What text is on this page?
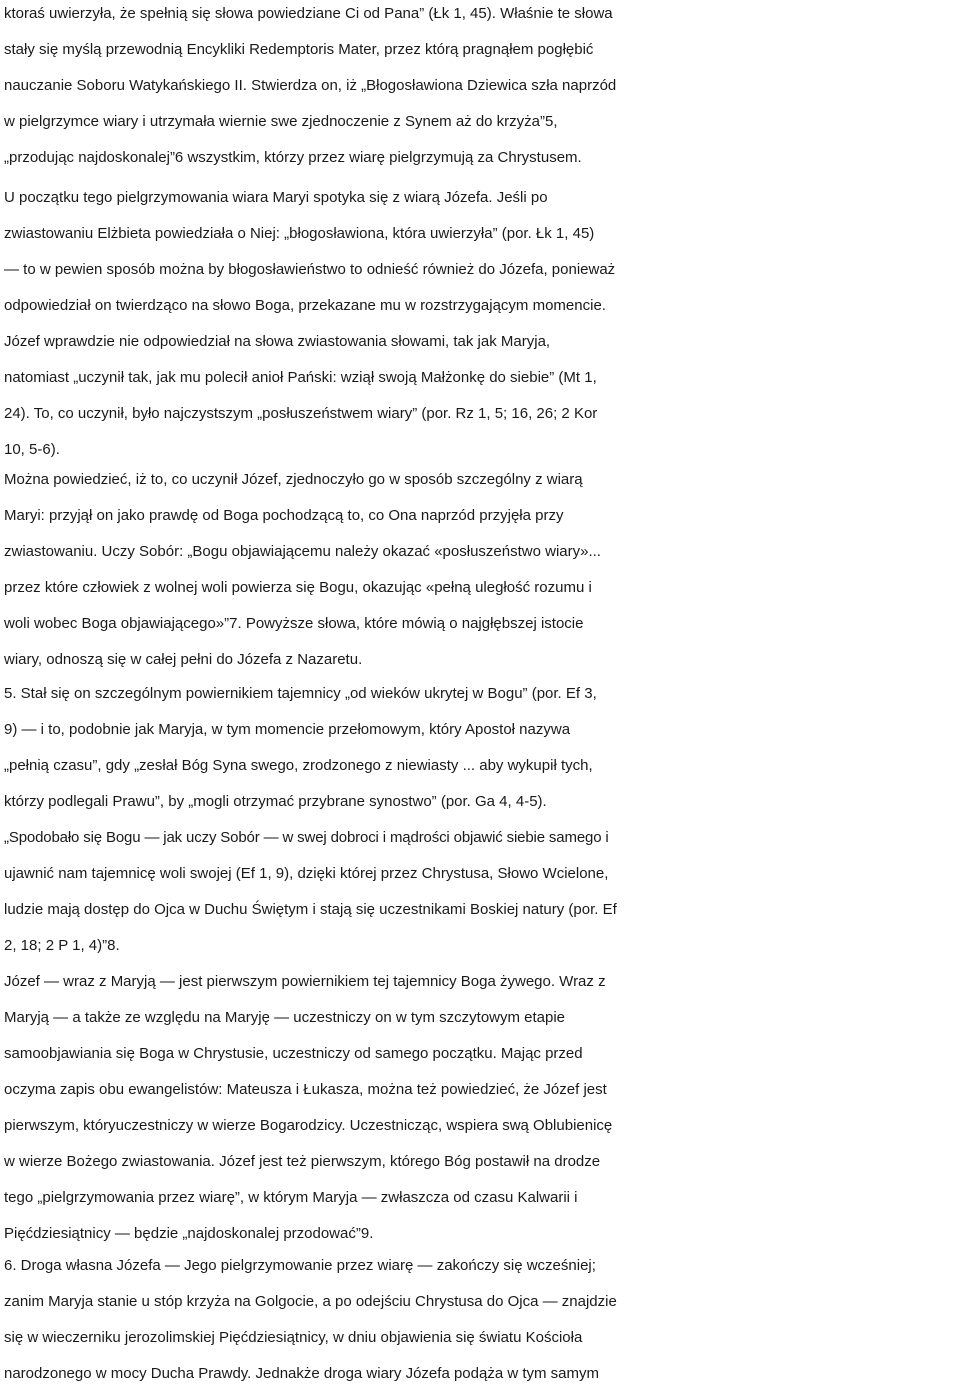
ktoraś uwierzyła, że spełnią się słowa powiedziane Ci od Pana” (Łk 1, 45). Właśnie te słowa
stały się myślą przewodnią Encykliki Redemptoris Mater, przez którą pragnąłem pogłębić
nauczanie Soboru Watykańskiego II. Stwierdza on, iż „Błogosławiona Dziewica szła naprzód
w pielgrzymce wiary i utrzymała wiernie swe zjednoczenie z Synem aż do krzyża”5,
„przodując najdoskonalej”6 wszystkim, którzy przez wiarę pielgrzymują za Chrystusem.
U początku tego pielgrzymowania wiara Maryi spotyka się z wiarą Józefa. Jeśli po
zwiastowaniu Elżbieta powiedziała o Niej: „błogosławiona, która uwierzyła” (por. Łk 1, 45)
— to w pewien sposób można by błogosławieństwo to odnieść również do Józefa, ponieważ
odpowiedział on twierdząco na słowo Boga, przekazane mu w rozstrzygającym momencie.
Józef wprawdzie nie odpowiedział na słowa zwiastowania słowami, tak jak Maryja,
natomiast „uczynił tak, jak mu polecił anioł Pański: wziął swoją Małżonkę do siebie” (Mt 1,
24). To, co uczynił, było najczystszym „posłuszeństwem wiary” (por. Rz 1, 5; 16, 26; 2 Kor
10, 5-6).
Można powiedzieć, iż to, co uczynił Józef, zjednoczyło go w sposób szczególny z wiarą
Maryi: przyjął on jako prawdę od Boga pochodzącą to, co Ona naprzód przyjęła przy
zwiastowaniu. Uczy Sobór: „Bogu objawiającemu należy okazać «posłuszeństwo wiary»...
przez które człowiek z wolnej woli powierza się Bogu, okazując «pełną uległość rozumu i
woli wobec Boga objawiającego»”7. Powyższe słowa, które mówią o najgłębszej istocie
wiary, odnoszą się w całej pełni do Józefa z Nazaretu.
5. Stał się on szczególnym powiernikiem tajemnicy „od wieków ukrytej w Bogu” (por. Ef 3,
9) — i to, podobnie jak Maryja, w tym momencie przełomowym, który Apostoł nazywa
„pełnią czasu”, gdy „zesłał Bóg Syna swego, zrodzonego z niewiasty ... aby wykupił tych,
którzy podlegali Prawu”, by „mogli otrzymać przybrane synostwo” (por. Ga 4, 4-5).
„Spodobało się Bogu — jak uczy Sobór — w swej dobroci i mądrości objawić siebie samego i
ujawnić nam tajemnicę woli swojej (Ef 1, 9), dzięki której przez Chrystusa, Słowo Wcielone,
ludzie mają dostęp do Ojca w Duchu Świętym i stają się uczestnikami Boskiej natury (por. Ef
2, 18; 2 P 1, 4)”8.
Józef — wraz z Maryją — jest pierwszym powiernikiem tej tajemnicy Boga żywego. Wraz z
Maryją — a także ze względu na Maryję — uczestniczy on w tym szczytowym etapie
samoobjawiania się Boga w Chrystusie, uczestniczy od samego początku. Mając przed
oczyma zapis obu ewangelistów: Mateusza i Łukasza, można też powiedzieć, że Józef jest
pierwszym, któryuczestniczy w wierze Bogarodzicy. Uczestnicząc, wspiera swą Oblubienicę
w wierze Bożego zwiastowania. Józef jest też pierwszym, którego Bóg postawił na drodze
tego „pielgrzymowania przez wiarę”, w którym Maryja — zwłaszcza od czasu Kalwarii i
Pięćdziesiątnicy — będzie „najdoskonalej przodować”9.
6. Droga własna Józefa — Jego pielgrzymowanie przez wiarę — zakończy się wcześniej;
zanim Maryja stanie u stóp krzyża na Golgocie, a po odejściu Chrystusa do Ojca — znajdzie
się w wieczerniku jerozolimskiej Pięćdziesiątnicy, w dniu objawienia się światu Kościoła
narodzonego w mocy Ducha Prawdy. Jednakże droga wiary Józefa podąża w tym samym
